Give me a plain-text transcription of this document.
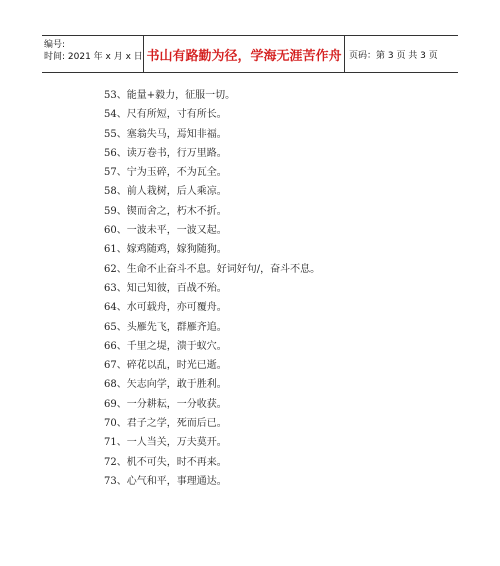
编号:
时间: 2021 年 x 月 x 日 书山有路勤为径，学海无涯苦作舟 页码：第 3 页 共 3 页
53、能量+毅力，征服一切。
54、尺有所短，寸有所长。
55、塞翁失马，焉知非福。
56、读万卷书，行万里路。
57、宁为玉碎，不为瓦全。
58、前人栽树，后人乘凉。
59、锲而舍之，朽木不折。
60、一波未平，一波又起。
61、嫁鸡随鸡，嫁狗随狗。
62、生命不止奋斗不息。好词好句/，奋斗不息。
63、知己知彼，百战不殆。
64、水可载舟，亦可覆舟。
65、头雁先飞，群雁齐追。
66、千里之堤，溃于蚁穴。
67、碎花以乱，时光已逝。
68、矢志向学，敢于胜利。
69、一分耕耘，一分收获。
70、君子之学，死而后已。
71、一人当关，万夫莫开。
72、机不可失，时不再来。
73、心气和平，事理通达。
